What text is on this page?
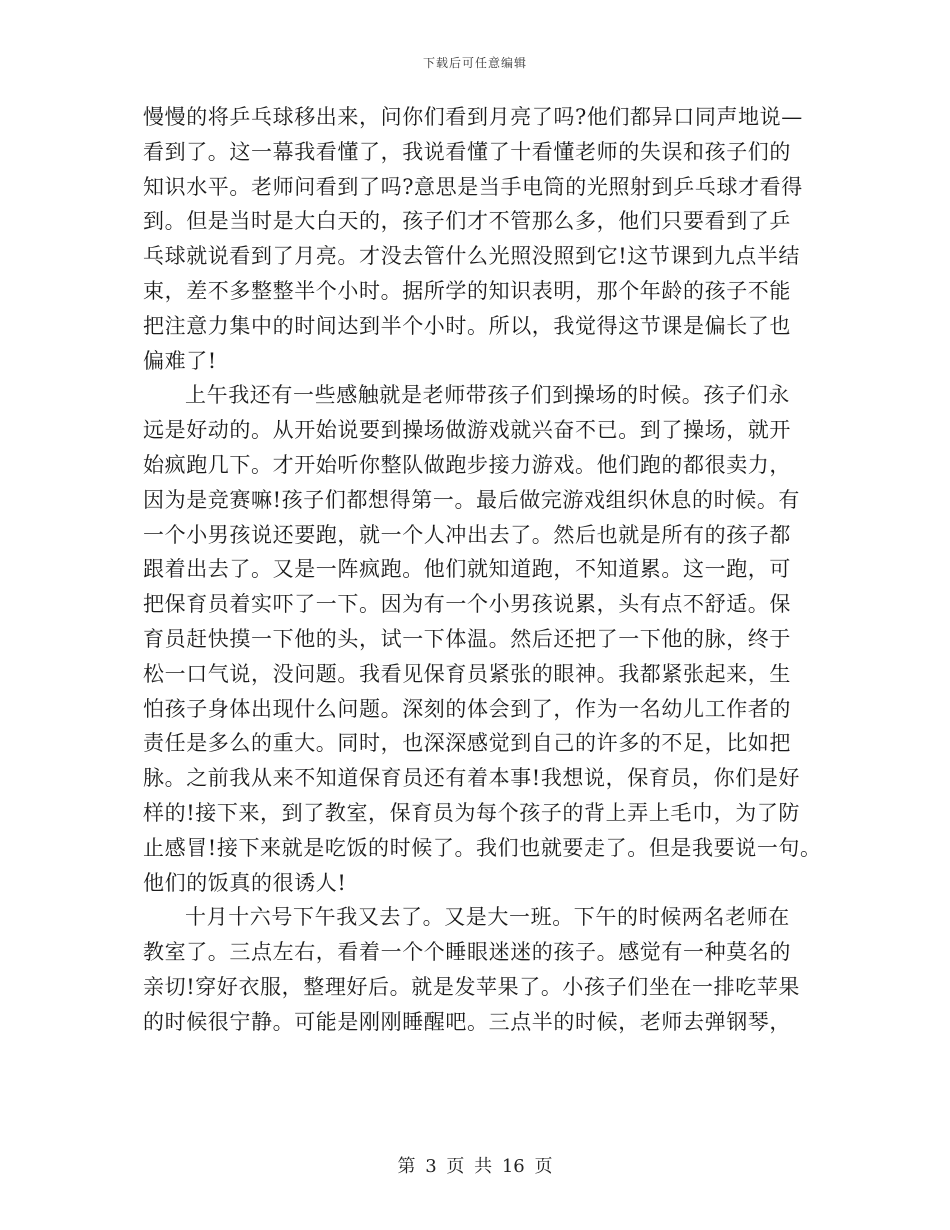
下载后可任意编辑
慢慢的将乒乓球移出来，问你们看到月亮了吗?他们都异口同声地说—
看到了。这一幕我看懂了，我说看懂了十看懂老师的失误和孩子们的
知识水平。老师问看到了吗?意思是当手电筒的光照射到乒乓球才看得
到。但是当时是大白天的，孩子们才不管那么多，他们只要看到了乒
乓球就说看到了月亮。才没去管什么光照没照到它!这节课到九点半结
束，差不多整整半个小时。据所学的知识表明，那个年龄的孩子不能
把注意力集中的时间达到半个小时。所以，我觉得这节课是偏长了也
偏难了!
上午我还有一些感触就是老师带孩子们到操场的时候。孩子们永
远是好动的。从开始说要到操场做游戏就兴奋不已。到了操场，就开
始疯跑几下。才开始听你整队做跑步接力游戏。他们跑的都很卖力，
因为是竞赛嘛!孩子们都想得第一。最后做完游戏组织休息的时候。有
一个小男孩说还要跑，就一个人冲出去了。然后也就是所有的孩子都
跟着出去了。又是一阵疯跑。他们就知道跑，不知道累。这一跑，可
把保育员着实吓了一下。因为有一个小男孩说累，头有点不舒适。保
育员赶快摸一下他的头，试一下体温。然后还把了一下他的脉，终于
松一口气说，没问题。我看见保育员紧张的眼神。我都紧张起来，生
怕孩子身体出现什么问题。深刻的体会到了，作为一名幼儿工作者的
责任是多么的重大。同时，也深深感觉到自己的许多的不足，比如把
脉。之前我从来不知道保育员还有着本事!我想说，保育员，你们是好
样的!接下来，到了教室，保育员为每个孩子的背上弄上毛巾，为了防
止感冒!接下来就是吃饭的时候了。我们也就要走了。但是我要说一句。
他们的饭真的很诱人!
十月十六号下午我又去了。又是大一班。下午的时候两名老师在
教室了。三点左右，看着一个个睡眼迷迷的孩子。感觉有一种莫名的
亲切!穿好衣服，整理好后。就是发苹果了。小孩子们坐在一排吃苹果
的时候很宁静。可能是刚刚睡醒吧。三点半的时候，老师去弹钢琴，
第 3 页 共 16 页
